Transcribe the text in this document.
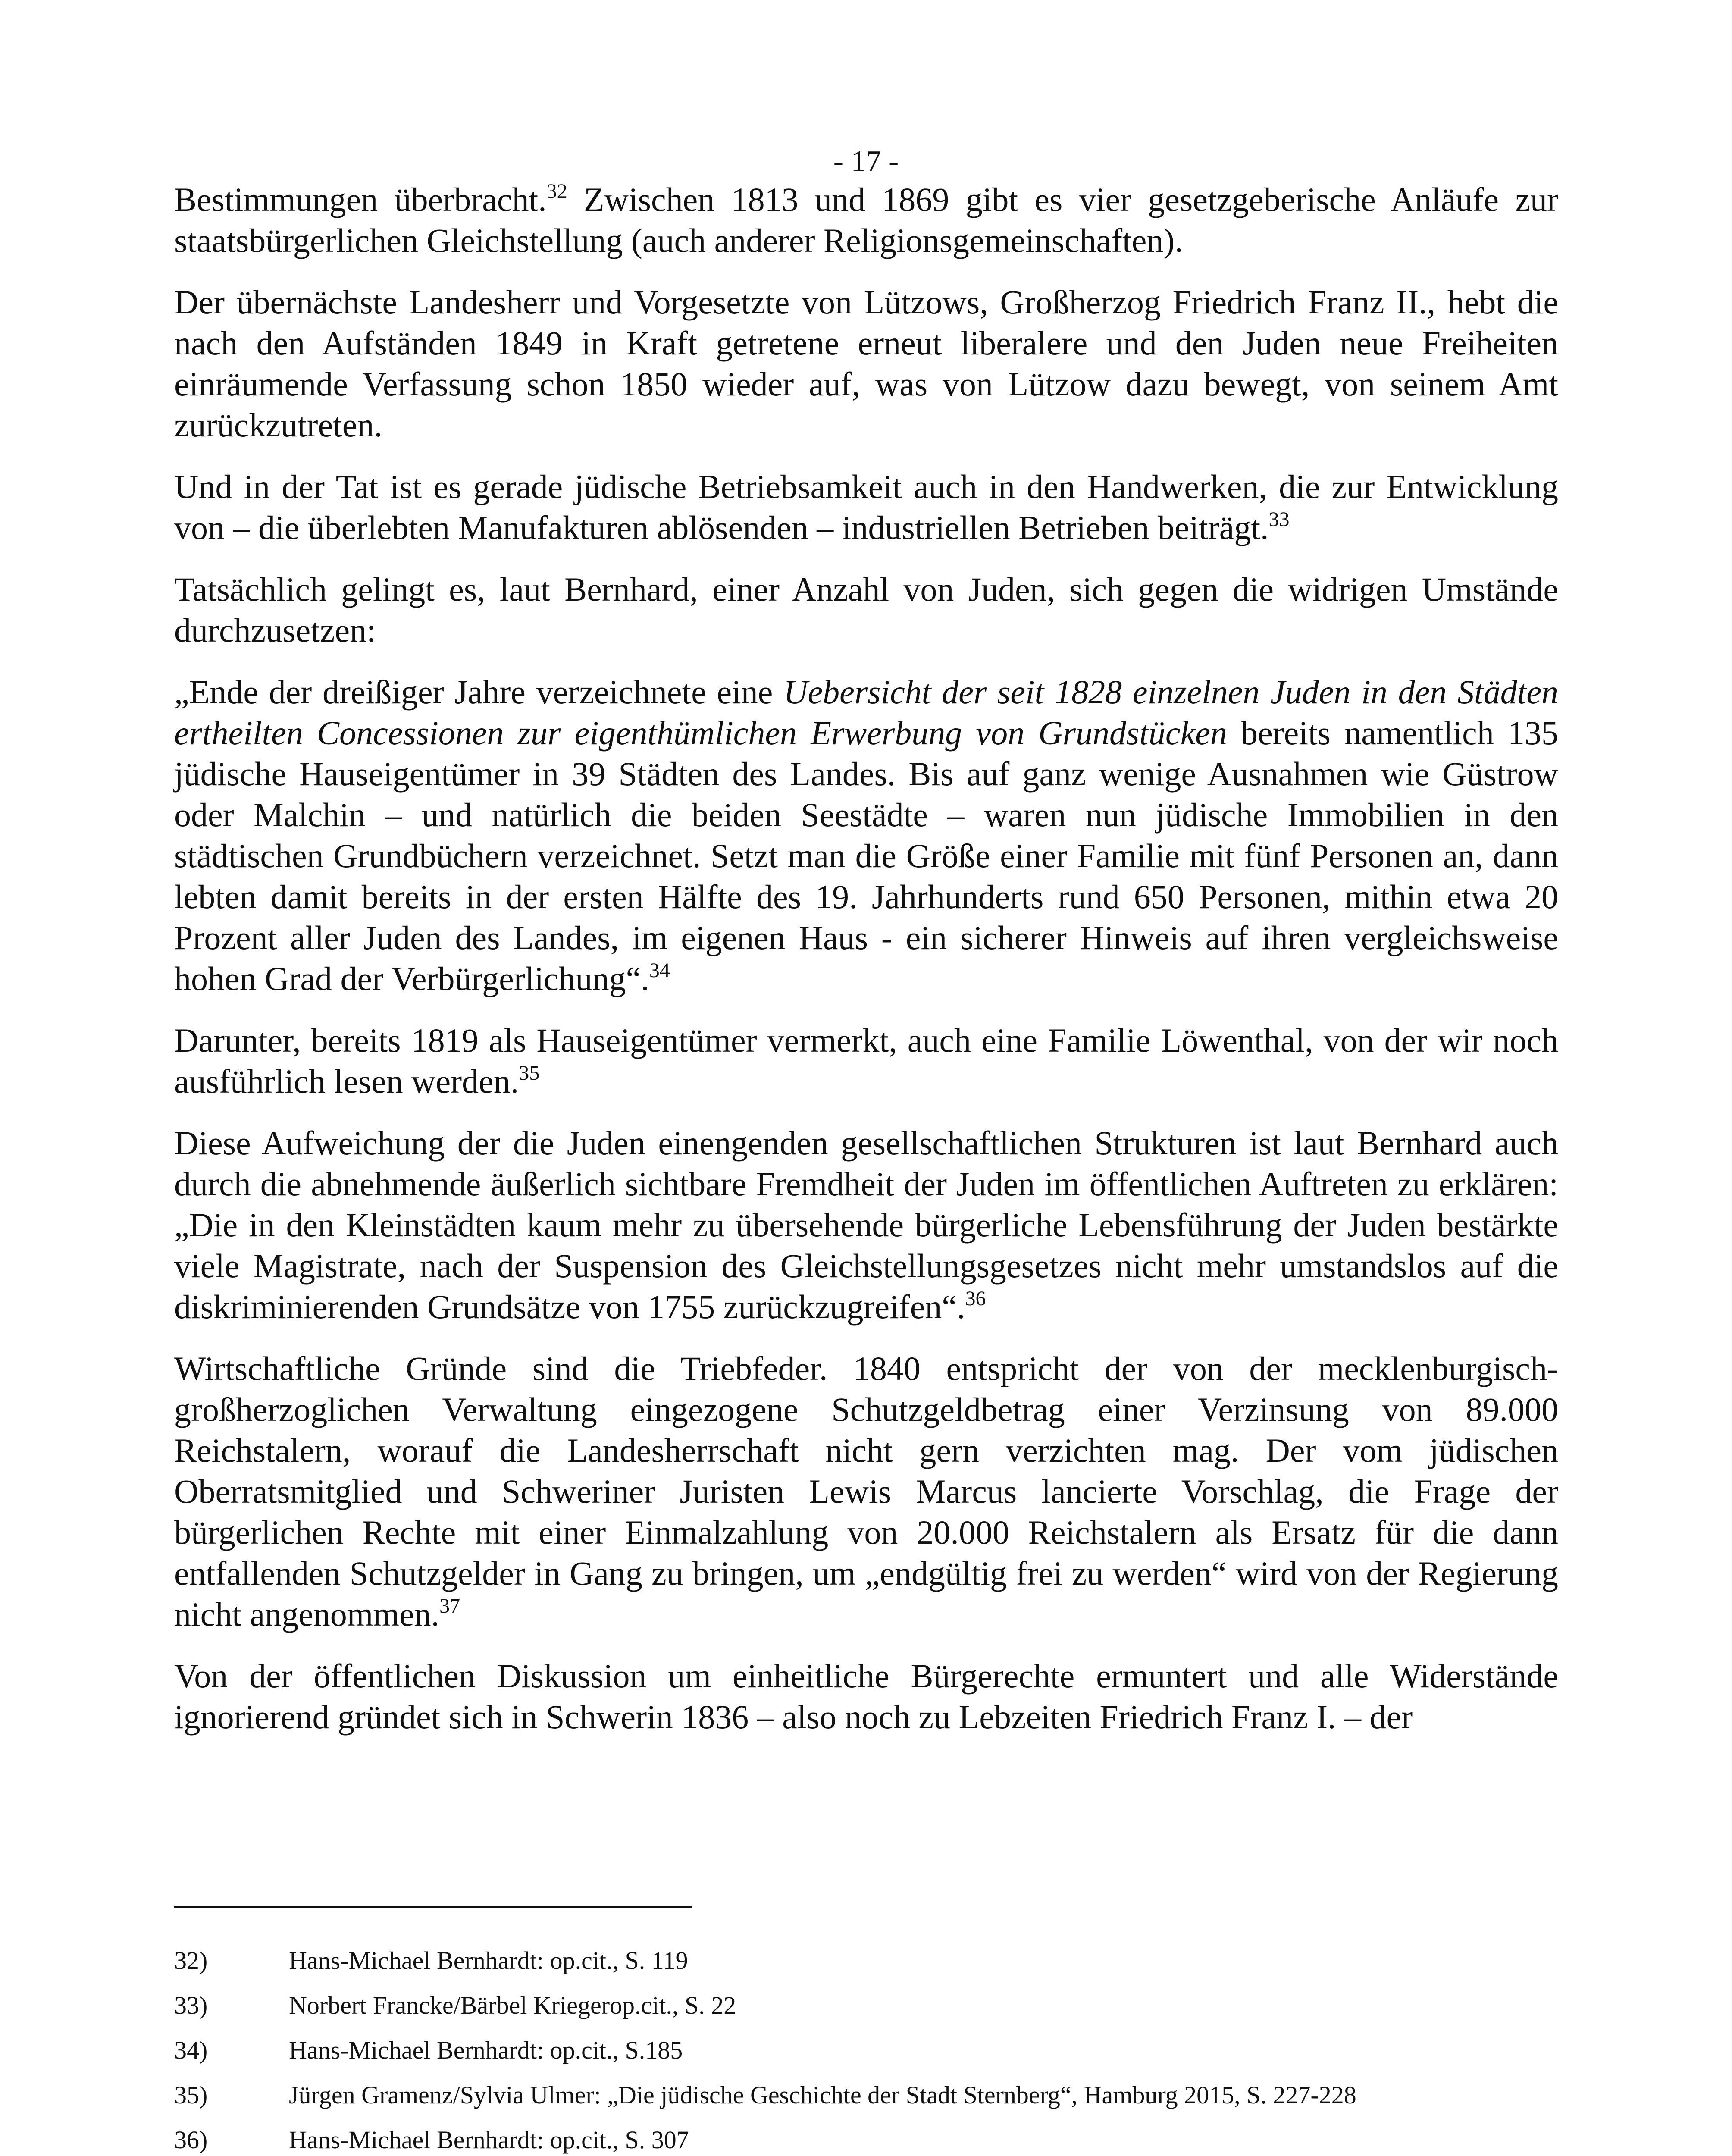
- 17 -

Bestimmungen überbracht.$^{32}$ Zwischen 1813 und 1869 gibt es vier gesetzgeberische Anläufe zur staatsbürgerlichen Gleichstellung (auch anderer Religionsgemeinschaften).

Der übernächste Landesherr und Vorgesetzte von Lützows, Großherzog Friedrich Franz II., hebt die nach den Aufständen 1849 in Kraft getretene erneut liberalere und den Juden neue Freiheiten einräumende Verfassung schon 1850 wieder auf, was von Lützow dazu bewegt, von seinem Amt zurückzutreten.

Und in der Tat ist es gerade jüdische Betriebsamkeit auch in den Handwerken, die zur Entwicklung von – die überlebten Manufakturen ablösenden – industriellen Betrieben beiträgt.$^{33}$

Tatsächlich gelingt es, laut Bernhard, einer Anzahl von Juden, sich gegen die widrigen Umstände durchzusetzen:

„Ende der dreißiger Jahre verzeichnete eine Uebersicht der seit 1828 einzelnen Juden in den Städten ertheilten Concessionen zur eigenthümlichen Erwerbung von Grundstücken bereits namentlich 135 jüdische Hauseigentümer in 39 Städten des Landes. Bis auf ganz wenige Ausnahmen wie Güstrow oder Malchin – und natürlich die beiden Seestädte – waren nun jüdische Immobilien in den städtischen Grundbüchern verzeichnet. Setzt man die Größe einer Familie mit fünf Personen an, dann lebten damit bereits in der ersten Hälfte des 19. Jahrhunderts rund 650 Personen, mithin etwa 20 Prozent aller Juden des Landes, im eigenen Haus - ein sicherer Hinweis auf ihren vergleichsweise hohen Grad der Verbürgerlichung“.$^{34}$

Darunter, bereits 1819 als Hauseigentümer vermerkt, auch eine Familie Löwenthal, von der wir noch ausführlich lesen werden.$^{35}$

Diese Aufweichung der die Juden einengenden gesellschaftlichen Strukturen ist laut Bernhard auch durch die abnehmende äußerlich sichtbare Fremdheit der Juden im öffentlichen Auftreten zu erklären: „Die in den Kleinstädten kaum mehr zu übersehende bürgerliche Lebensführung der Juden bestärkte viele Magistrate, nach der Suspension des Gleichstellungsgesetzes nicht mehr umstandslos auf die diskriminierenden Grundsätze von 1755 zurückzugreifen“.$^{36}$

Wirtschaftliche Gründe sind die Triebfeder. 1840 entspricht der von der mecklenburgisch-großherzoglichen Verwaltung eingezogene Schutzgeldbetrag einer Verzinsung von 89.000 Reichstalern, worauf die Landesherrschaft nicht gern verzichten mag. Der vom jüdischen Oberratsmitglied und Schweriner Juristen Lewis Marcus lancierte Vorschlag, die Frage der bürgerlichen Rechte mit einer Einmalzahlung von 20.000 Reichstalern als Ersatz für die dann entfallenden Schutzgelder in Gang zu bringen, um „endgültig frei zu werden“ wird von der Regierung nicht angenommen.$^{37}$

Von der öffentlichen Diskussion um einheitliche Bürgerechte ermuntert und alle Widerstände ignorierend gründet sich in Schwerin 1836 – also noch zu Lebzeiten Friedrich Franz I. – der

32)	Hans-Michael Bernhardt: op.cit., S. 119
33)	Norbert Francke/Bärbel Kriegerop.cit., S. 22
34)	Hans-Michael Bernhardt: op.cit., S.185
35)	Jürgen Gramenz/Sylvia Ulmer: „Die jüdische Geschichte der Stadt Sternberg“, Hamburg 2015, S. 227-228
36)	Hans-Michael Bernhardt: op.cit., S. 307
